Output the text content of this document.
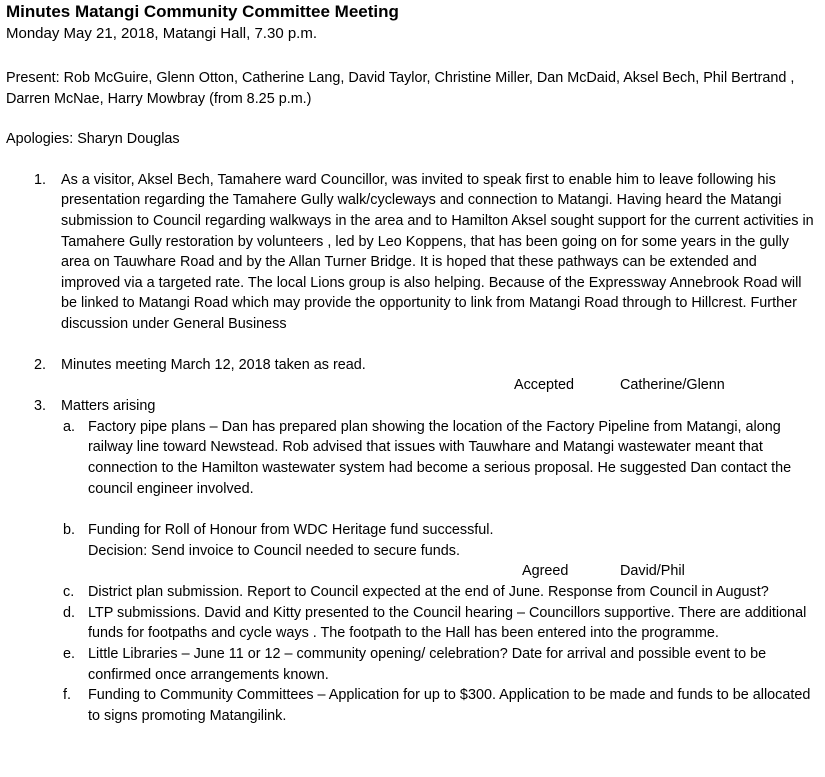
Minutes Matangi Community Committee Meeting

Monday May 21, 2018, Matangi Hall, 7.30 p.m.

Present: Rob McGuire, Glenn Otton, Catherine Lang, David Taylor, Christine Miller, Dan McDaid, Aksel Bech, Phil Bertrand , Darren McNae, Harry Mowbray (from 8.25 p.m.)

Apologies: Sharyn Douglas

1. As a visitor, Aksel Bech, Tamahere ward Councillor, was invited to speak first to enable him to leave following his presentation regarding the Tamahere Gully walk/cycleways and connection to Matangi. Having heard the Matangi submission to Council regarding walkways in the area and to Hamilton Aksel sought support for the current activities in Tamahere Gully restoration by volunteers , led by Leo Koppens, that has been going on for some years in the gully area on Tauwhare Road and by the Allan Turner Bridge. It is hoped that these pathways can be extended and improved via a targeted rate. The local Lions group is also helping. Because of the Expressway Annebrook Road will be linked to Matangi Road which may provide the opportunity to link from Matangi Road through to Hillcrest. Further discussion under General Business
2. Minutes meeting March 12, 2018 taken as read.
Accepted	Catherine/Glenn
3. Matters arising
a. Factory pipe plans – Dan has prepared plan showing the location of the Factory Pipeline from Matangi, along railway line toward Newstead. Rob advised that issues with Tauwhare and Matangi wastewater meant that connection to the Hamilton wastewater system had become a serious proposal. He suggested Dan contact the council engineer involved.
b. Funding for Roll of Honour from WDC Heritage fund successful.
Decision: Send invoice to Council needed to secure funds.
Agreed	David/Phil
c. District plan submission. Report to Council expected at the end of June. Response from Council in August?
d. LTP submissions. David and Kitty presented to the Council hearing – Councillors supportive. There are additional funds for footpaths and cycle ways . The footpath to the Hall has been entered into the programme.
e. Little Libraries – June 11 or 12 – community opening/ celebration? Date for arrival and possible event to be confirmed once arrangements known.
f. Funding to Community Committees – Application for up to $300. Application to be made and funds to be allocated to signs promoting Matangilink.
